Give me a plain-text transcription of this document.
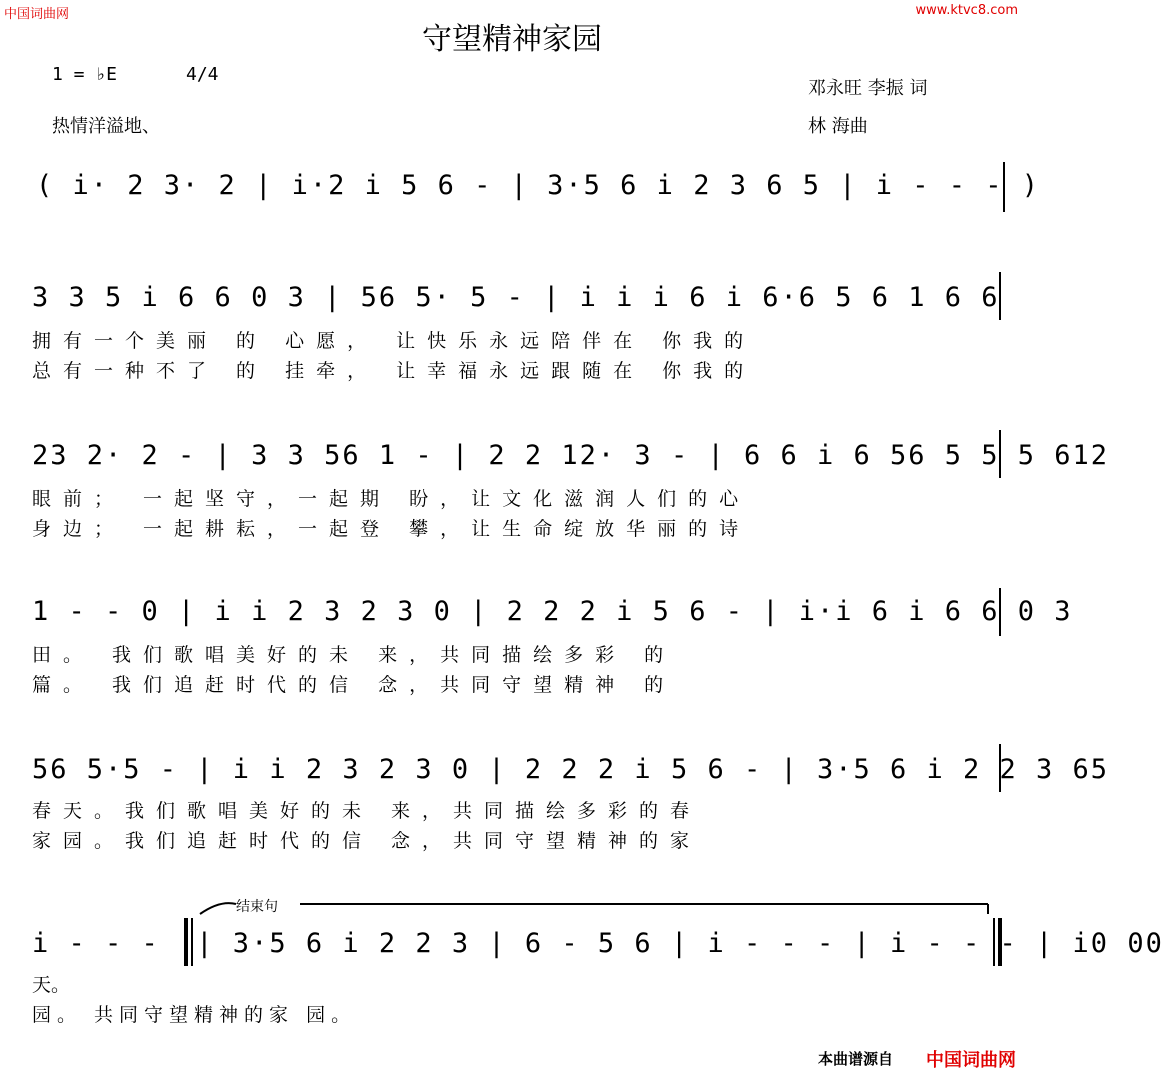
中国词曲网	www.ktvc8.com
守望精神家园
1 = ♭E	4/4
热情洋溢地、
邓永旺 李振 词
林 海曲
( i· 2 3· 2 | i·2 i 5 6 - | 3·5 6 i 2 3 6 5 | i - - - )
3 3 5 i 6 6 0 3 | 56 5· 5 - | i i i 6 i 6·6 5 6 1 6 6
拥有一个美丽 的 心愿， 让快乐永远陪伴在 你我的
总有一种不了 的 挂牵， 让幸福永远跟随在 你我的
23 2· 2 - | 3 3 56 1 - | 2 2 12· 3 - | 6 6 i 6 56 5 5 5 612
眼前； 一起坚守，一起期 盼，让文化滋润人们的心
身边； 一起耕耘，一起登 攀，让生命绽放华丽的诗
1 - - 0 | i i 2 3 2 3 0 | 2 2 2 i 5 6 - | i·i 6 i 6 6 0 3
田。 我们歌唱美好的未 来，共同描绘多彩 的
篇。 我们追赶时代的信 念，共同守望精神 的
56 5·5 - | i i 2 3 2 3 0 | 2 2 2 i 5 6 - | 3·5 6 i 2 2 3 65
春天。我们歌唱美好的未 来，共同描绘多彩的春
家园。我们追赶时代的信 念，共同守望精神的家
结束句
i - - - :| 3·5 6 i 2 2 3 | 6 - 5 6 | i - - - | i - - - | i0 00
天。
园。 共同守望精神的家 园。
本曲谱源自 中国词曲网
